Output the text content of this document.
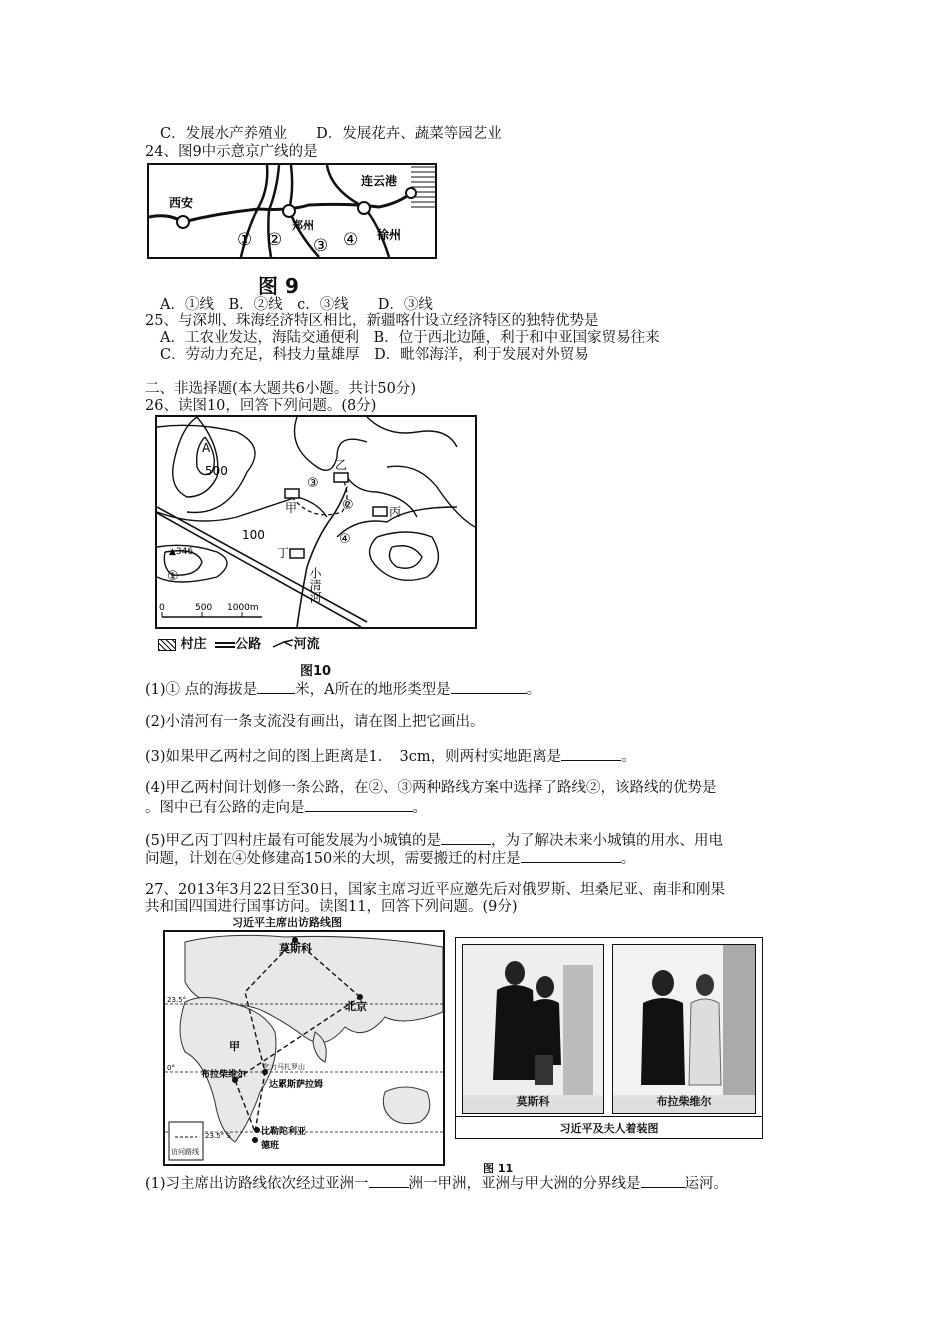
C．发展水产养殖业　　D．发展花卉、蔬菜等园艺业
24、图9中示意京广线的是
西安
连云港
郑州
徐州
① ② ③ ④
图 9
A．①线　B．②线　c．③线　　D．③线
25、与深圳、珠海经济特区相比，新疆喀什设立经济特区的独特优势是
A．工农业发达，海陆交通便利　B．位于西北边陲，利于和中亚国家贸易往来
C．劳动力充足，科技力量雄厚　D．毗邻海洋，利于发展对外贸易
二、非选择题(本大题共6小题。共计50分)
26、读图10，回答下列问题。(8分)
A
500
100
▲346
①
②
③
④
甲
乙
丙
丁
小清河
0	500 1000m
村庄 公路	河流
图10
(1)① 点的海拔是	米，A所在的地形类型是	。
(2)小清河有一条支流没有画出，请在图上把它画出。
(3)如果甲乙两村之间的图上距离是1．　3cm，则两村实地距离是	。
(4)甲乙两村间计划修一条公路，在②、③两种路线方案中选择了路线②，该路线的优势是
。图中已有公路的走向是	。
(5)甲乙丙丁四村庄最有可能发展为小城镇的是	，为了解决未来小城镇的用水、用电
问题，计划在④处修建高150米的大坝，需要搬迁的村庄是	。
27、2013年3月22日至30日，国家主席习近平应邀先后对俄罗斯、坦桑尼亚、南非和刚果
共和国四国进行国事访问。读图11，回答下列问题。(9分)
习近平主席出访路线图
莫斯科
北京
甲
布拉柴维尔
乞力马扎罗山
达累斯萨拉姆
比勒陀利亚
德班
23.5°
0°
23.5° S
访问路线
莫斯科	布拉柴维尔
习近平及夫人着装图
图 11
(1)习主席出访路线依次经过亚洲一	洲一甲洲，亚洲与甲大洲的分界线是	运河。
